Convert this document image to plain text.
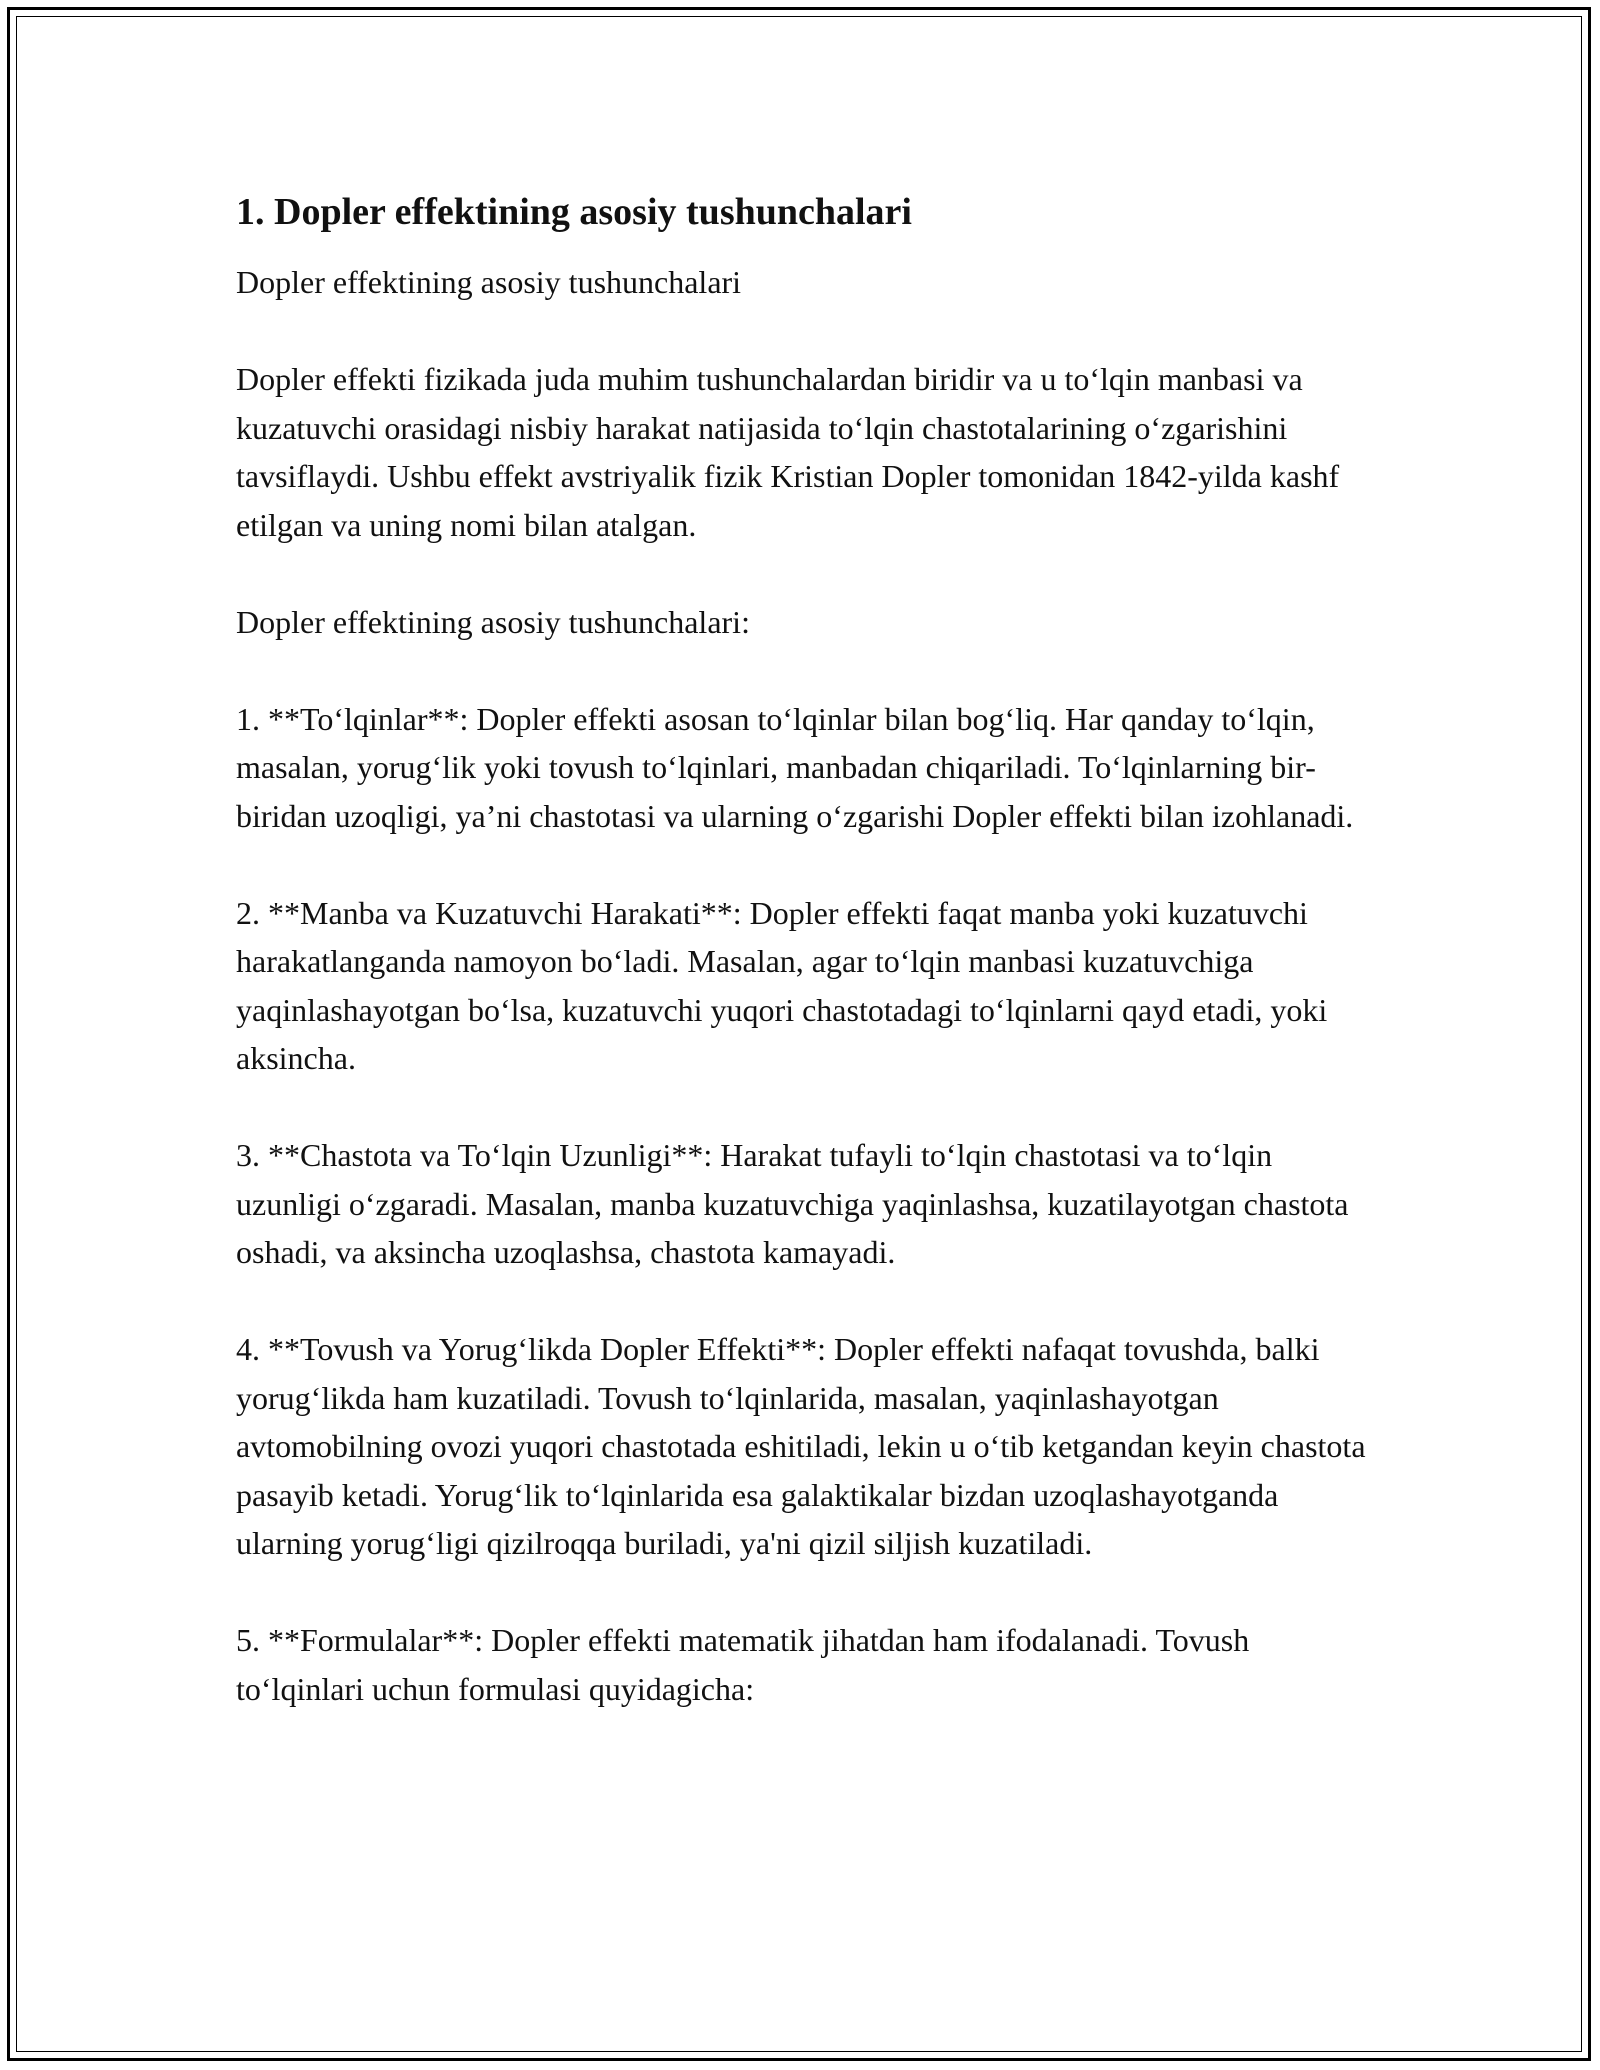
1. Dopler effektining asosiy tushunchalari

Dopler effektining asosiy tushunchalari

Dopler effekti fizikada juda muhim tushunchalardan biridir va u to‘lqin manbasi va kuzatuvchi orasidagi nisbiy harakat natijasida to‘lqin chastotalarining o‘zgarishini tavsiflaydi. Ushbu effekt avstriyalik fizik Kristian Dopler tomonidan 1842-yilda kashf etilgan va uning nomi bilan atalgan.

Dopler effektining asosiy tushunchalari:

1. **To‘lqinlar**: Dopler effekti asosan to‘lqinlar bilan bog‘liq. Har qanday to‘lqin, masalan, yorug‘lik yoki tovush to‘lqinlari, manbadan chiqariladi. To‘lqinlarning bir-biridan uzoqligi, ya’ni chastotasi va ularning o‘zgarishi Dopler effekti bilan izohlanadi.

2. **Manba va Kuzatuvchi Harakati**: Dopler effekti faqat manba yoki kuzatuvchi harakatlanganda namoyon bo‘ladi. Masalan, agar to‘lqin manbasi kuzatuvchiga yaqinlashayotgan bo‘lsa, kuzatuvchi yuqori chastotadagi to‘lqinlarni qayd etadi, yoki aksincha.

3. **Chastota va To‘lqin Uzunligi**: Harakat tufayli to‘lqin chastotasi va to‘lqin uzunligi o‘zgaradi. Masalan, manba kuzatuvchiga yaqinlashsa, kuzatilayotgan chastota oshadi, va aksincha uzoqlashsa, chastota kamayadi.

4. **Tovush va Yorug‘likda Dopler Effekti**: Dopler effekti nafaqat tovushda, balki yorug‘likda ham kuzatiladi. Tovush to‘lqinlarida, masalan, yaqinlashayotgan avtomobilning ovozi yuqori chastotada eshitiladi, lekin u o‘tib ketgandan keyin chastota pasayib ketadi. Yorug‘lik to‘lqinlarida esa galaktikalar bizdan uzoqlashayotganda ularning yorug‘ligi qizilroqqa buriladi, ya'ni qizil siljish kuzatiladi.

5. **Formulalar**: Dopler effekti matematik jihatdan ham ifodalanadi. Tovush to‘lqinlari uchun formulasi quyidagicha:
